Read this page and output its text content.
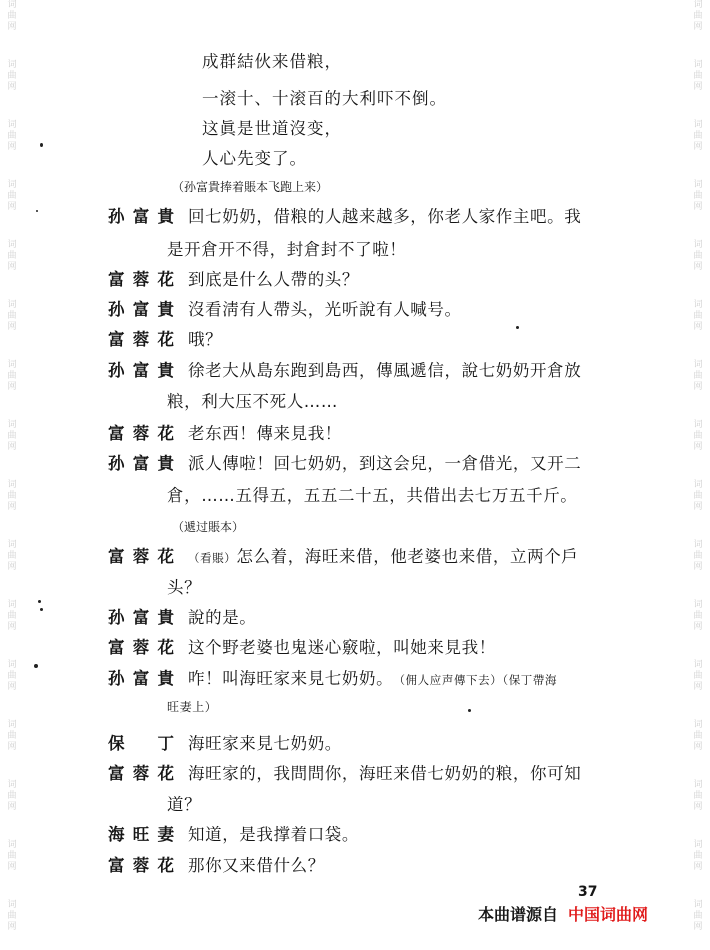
词
曲
网
词
曲
网
词
曲
网
词
曲
网
词
曲
网
词
曲
网
词
曲
网
词
曲
网
词
曲
网
词
曲
网
词
曲
网
词
曲
网
词
曲
网
词
曲
网
词
曲
网
词
曲
网
词
曲
网
词
曲
网
词
曲
网
词
曲
网
词
曲
网
词
曲
网
词
曲
网
词
曲
网
词
曲
网
词
曲
网
词
曲
网
词
曲
网
词
曲
网
词
曲
网
词
曲
网
词
曲
网
成群結伙来借粮，
一滚十、十滚百的大利吓不倒。
这眞是世道沒变，
人心先变了。
（孙富貴捧着賬本飞跑上来）
孙 富 貴 回七奶奶，借粮的人越来越多，你老人家作主吧。我
是开倉开不得，封倉封不了啦！
富 蓉 花 到底是什么人帶的头？
孙 富 貴 沒看淸有人帶头，光听說有人喊号。
富 蓉 花 哦？
孙 富 貴 徐老大从島东跑到島西，傳風遞信，說七奶奶开倉放
粮，利大压不死人……
富 蓉 花 老东西！傳来見我！
孙 富 貴 派人傳啦！回七奶奶，到这会兒，一倉借光，又开二
倉，……五得五，五五二十五，共借出去七万五千斤。
（遞过賬本）
富 蓉 花 （看賬）怎么着，海旺来借，他老婆也来借，立两个戶
头？
孙 富 貴 說的是。
富 蓉 花 这个野老婆也鬼迷心竅啦，叫她来見我！
孙 富 貴 咋！叫海旺家来見七奶奶。 （佣人应声傳下去）（保丁帶海
旺妻上）
保 丁 海旺家来見七奶奶。
富 蓉 花 海旺家的，我問問你，海旺来借七奶奶的粮，你可知
道？
海 旺 妻 知道，是我撑着口袋。
富 蓉 花 那你又来借什么？
37
本曲谱源自 中国词曲网
